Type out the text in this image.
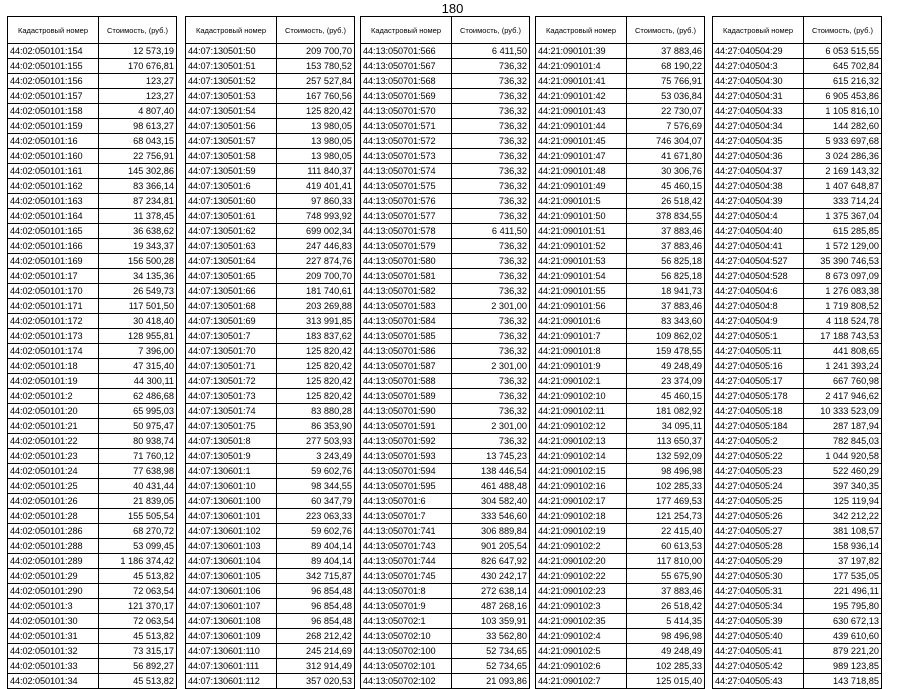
180
Кадастровый номер	Стоимость, (руб.)
44:02:050101:154	12 573,19
44:02:050101:155	170 676,81
44:02:050101:156	123,27
44:02:050101:157	123,27
44:02:050101:158	4 807,40
44:02:050101:159	98 613,27
44:02:050101:16	68 043,15
44:02:050101:160	22 756,91
44:02:050101:161	145 302,86
44:02:050101:162	83 366,14
44:02:050101:163	87 234,81
44:02:050101:164	11 378,45
44:02:050101:165	36 638,62
44:02:050101:166	19 343,37
44:02:050101:169	156 500,28
44:02:050101:17	34 135,36
44:02:050101:170	26 549,73
44:02:050101:171	117 501,50
44:02:050101:172	30 418,40
44:02:050101:173	128 955,81
44:02:050101:174	7 396,00
44:02:050101:18	47 315,40
44:02:050101:19	44 300,11
44:02:050101:2	62 486,68
44:02:050101:20	65 995,03
44:02:050101:21	50 975,47
44:02:050101:22	80 938,74
44:02:050101:23	71 760,12
44:02:050101:24	77 638,98
44:02:050101:25	40 431,44
44:02:050101:26	21 839,05
44:02:050101:28	155 505,54
44:02:050101:286	68 270,72
44:02:050101:288	53 099,45
44:02:050101:289	1 186 374,42
44:02:050101:29	45 513,82
44:02:050101:290	72 063,54
44:02:050101:3	121 370,17
44:02:050101:30	72 063,54
44:02:050101:31	45 513,82
44:02:050101:32	73 315,17
44:02:050101:33	56 892,27
44:02:050101:34	45 513,82
Кадастровый номер	Стоимость, (руб.)
44:07:130501:50	209 700,70
44:07:130501:51	153 780,52
44:07:130501:52	257 527,84
44:07:130501:53	167 760,56
44:07:130501:54	125 820,42
44:07:130501:56	13 980,05
44:07:130501:57	13 980,05
44:07:130501:58	13 980,05
44:07:130501:59	111 840,37
44:07:130501:6	419 401,41
44:07:130501:60	97 860,33
44:07:130501:61	748 993,92
44:07:130501:62	699 002,34
44:07:130501:63	247 446,83
44:07:130501:64	227 874,76
44:07:130501:65	209 700,70
44:07:130501:66	181 740,61
44:07:130501:68	203 269,88
44:07:130501:69	313 991,85
44:07:130501:7	183 837,62
44:07:130501:70	125 820,42
44:07:130501:71	125 820,42
44:07:130501:72	125 820,42
44:07:130501:73	125 820,42
44:07:130501:74	83 880,28
44:07:130501:75	86 353,90
44:07:130501:8	277 503,93
44:07:130501:9	3 243,49
44:07:130601:1	59 602,76
44:07:130601:10	98 344,55
44:07:130601:100	60 347,79
44:07:130601:101	223 063,33
44:07:130601:102	59 602,76
44:07:130601:103	89 404,14
44:07:130601:104	89 404,14
44:07:130601:105	342 715,87
44:07:130601:106	96 854,48
44:07:130601:107	96 854,48
44:07:130601:108	96 854,48
44:07:130601:109	268 212,42
44:07:130601:110	245 214,69
44:07:130601:111	312 914,49
44:07:130601:112	357 020,53
Кадастровый номер	Стоимость, (руб.)
44:13:050701:566	6 411,50
44:13:050701:567	736,32
44:13:050701:568	736,32
44:13:050701:569	736,32
44:13:050701:570	736,32
44:13:050701:571	736,32
44:13:050701:572	736,32
44:13:050701:573	736,32
44:13:050701:574	736,32
44:13:050701:575	736,32
44:13:050701:576	736,32
44:13:050701:577	736,32
44:13:050701:578	6 411,50
44:13:050701:579	736,32
44:13:050701:580	736,32
44:13:050701:581	736,32
44:13:050701:582	736,32
44:13:050701:583	2 301,00
44:13:050701:584	736,32
44:13:050701:585	736,32
44:13:050701:586	736,32
44:13:050701:587	2 301,00
44:13:050701:588	736,32
44:13:050701:589	736,32
44:13:050701:590	736,32
44:13:050701:591	2 301,00
44:13:050701:592	736,32
44:13:050701:593	13 745,23
44:13:050701:594	138 446,54
44:13:050701:595	461 488,48
44:13:050701:6	304 582,40
44:13:050701:7	333 546,60
44:13:050701:741	306 889,84
44:13:050701:743	901 205,54
44:13:050701:744	826 647,92
44:13:050701:745	430 242,17
44:13:050701:8	272 638,14
44:13:050701:9	487 268,16
44:13:050702:1	103 359,91
44:13:050702:10	33 562,80
44:13:050702:100	52 734,65
44:13:050702:101	52 734,65
44:13:050702:102	21 093,86
Кадастровый номер	Стоимость, (руб.)
44:21:090101:39	37 883,46
44:21:090101:4	68 190,22
44:21:090101:41	75 766,91
44:21:090101:42	53 036,84
44:21:090101:43	22 730,07
44:21:090101:44	7 576,69
44:21:090101:45	746 304,07
44:21:090101:47	41 671,80
44:21:090101:48	30 306,76
44:21:090101:49	45 460,15
44:21:090101:5	26 518,42
44:21:090101:50	378 834,55
44:21:090101:51	37 883,46
44:21:090101:52	37 883,46
44:21:090101:53	56 825,18
44:21:090101:54	56 825,18
44:21:090101:55	18 941,73
44:21:090101:56	37 883,46
44:21:090101:6	83 343,60
44:21:090101:7	109 862,02
44:21:090101:8	159 478,55
44:21:090101:9	49 248,49
44:21:090102:1	23 374,09
44:21:090102:10	45 460,15
44:21:090102:11	181 082,92
44:21:090102:12	34 095,11
44:21:090102:13	113 650,37
44:21:090102:14	132 592,09
44:21:090102:15	98 496,98
44:21:090102:16	102 285,33
44:21:090102:17	177 469,53
44:21:090102:18	121 254,73
44:21:090102:19	22 415,40
44:21:090102:2	60 613,53
44:21:090102:20	117 810,00
44:21:090102:22	55 675,90
44:21:090102:23	37 883,46
44:21:090102:3	26 518,42
44:21:090102:35	5 414,35
44:21:090102:4	98 496,98
44:21:090102:5	49 248,49
44:21:090102:6	102 285,33
44:21:090102:7	125 015,40
Кадастровый номер	Стоимость, (руб.)
44:27:040504:29	6 053 515,55
44:27:040504:3	645 702,84
44:27:040504:30	615 216,32
44:27:040504:31	6 905 453,86
44:27:040504:33	1 105 816,10
44:27:040504:34	144 282,60
44:27:040504:35	5 933 697,68
44:27:040504:36	3 024 286,36
44:27:040504:37	2 169 143,32
44:27:040504:38	1 407 648,87
44:27:040504:39	333 714,24
44:27:040504:4	1 375 367,04
44:27:040504:40	615 285,85
44:27:040504:41	1 572 129,00
44:27:040504:527	35 390 746,53
44:27:040504:528	8 673 097,09
44:27:040504:6	1 276 083,38
44:27:040504:8	1 719 808,52
44:27:040504:9	4 118 524,78
44:27:040505:1	17 188 743,53
44:27:040505:11	441 808,65
44:27:040505:16	1 241 393,24
44:27:040505:17	667 760,98
44:27:040505:178	2 417 946,62
44:27:040505:18	10 333 523,09
44:27:040505:184	287 187,94
44:27:040505:2	782 845,03
44:27:040505:22	1 044 920,58
44:27:040505:23	522 460,29
44:27:040505:24	397 340,35
44:27:040505:25	125 119,94
44:27:040505:26	342 212,22
44:27:040505:27	381 108,57
44:27:040505:28	158 936,14
44:27:040505:29	37 197,82
44:27:040505:30	177 535,05
44:27:040505:31	221 496,11
44:27:040505:34	195 795,80
44:27:040505:39	630 672,13
44:27:040505:40	439 610,60
44:27:040505:41	879 221,20
44:27:040505:42	989 123,85
44:27:040505:43	143 718,85
